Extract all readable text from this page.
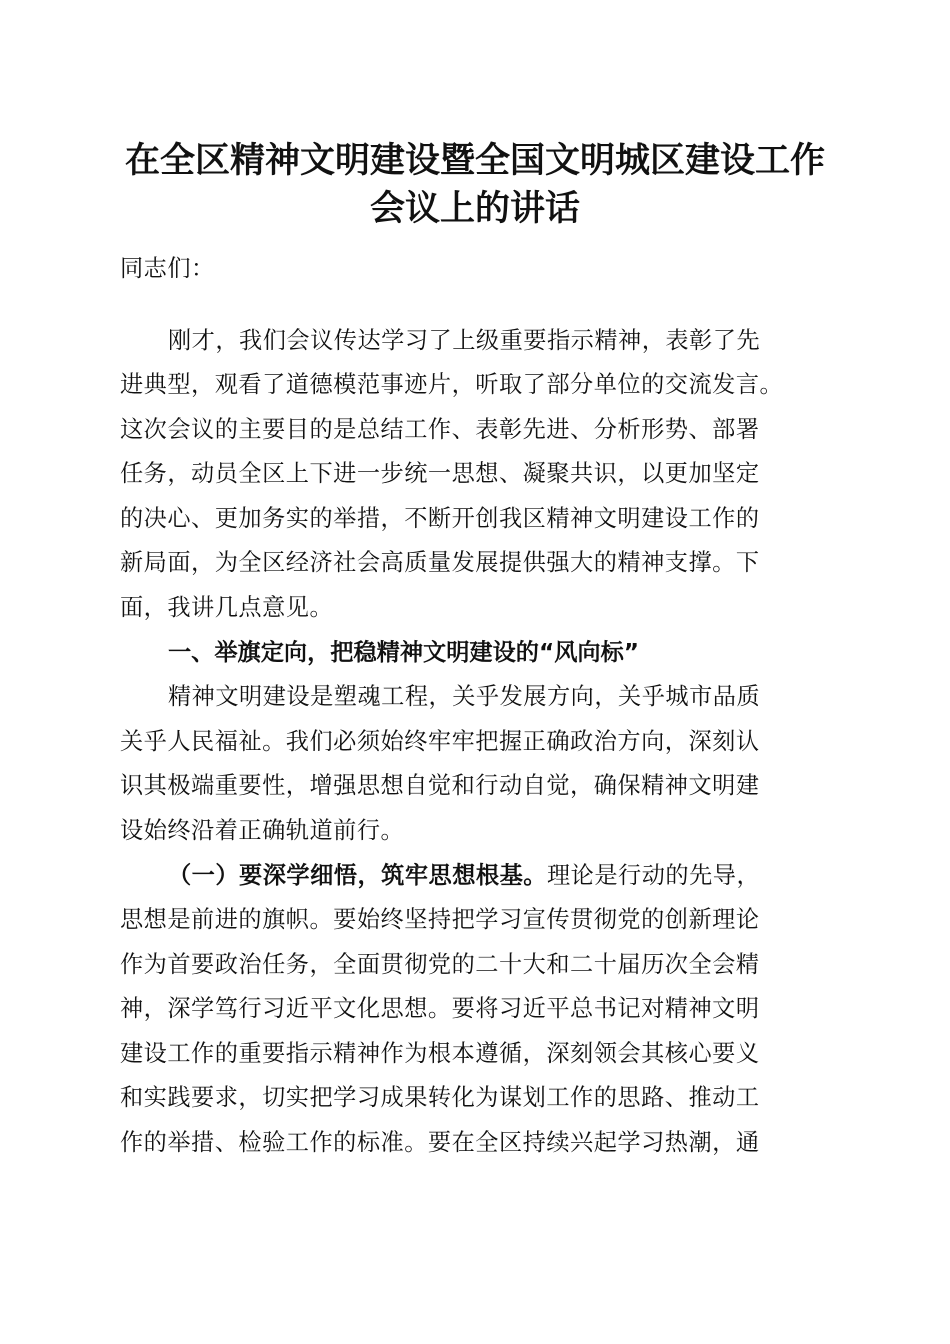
在全区精神文明建设暨全国文明城区建设工作
会议上的讲话
同志们：
刚才，我们会议传达学习了上级重要指示精神，表彰了先
进典型，观看了道德模范事迹片，听取了部分单位的交流发言。
这次会议的主要目的是总结工作、表彰先进、分析形势、部署
任务，动员全区上下进一步统一思想、凝聚共识，以更加坚定
的决心、更加务实的举措，不断开创我区精神文明建设工作的
新局面，为全区经济社会高质量发展提供强大的精神支撑。下
面，我讲几点意见。
一、举旗定向，把稳精神文明建设的“风向标”
精神文明建设是塑魂工程，关乎发展方向，关乎城市品质
关乎人民福祉。我们必须始终牢牢把握正确政治方向，深刻认
识其极端重要性，增强思想自觉和行动自觉，确保精神文明建
设始终沿着正确轨道前行。
（一）要深学细悟，筑牢思想根基。理论是行动的先导，
思想是前进的旗帜。要始终坚持把学习宣传贯彻党的创新理论
作为首要政治任务，全面贯彻党的二十大和二十届历次全会精
神，深学笃行习近平文化思想。要将习近平总书记对精神文明
建设工作的重要指示精神作为根本遵循，深刻领会其核心要义
和实践要求，切实把学习成果转化为谋划工作的思路、推动工
作的举措、检验工作的标准。要在全区持续兴起学习热潮，通
